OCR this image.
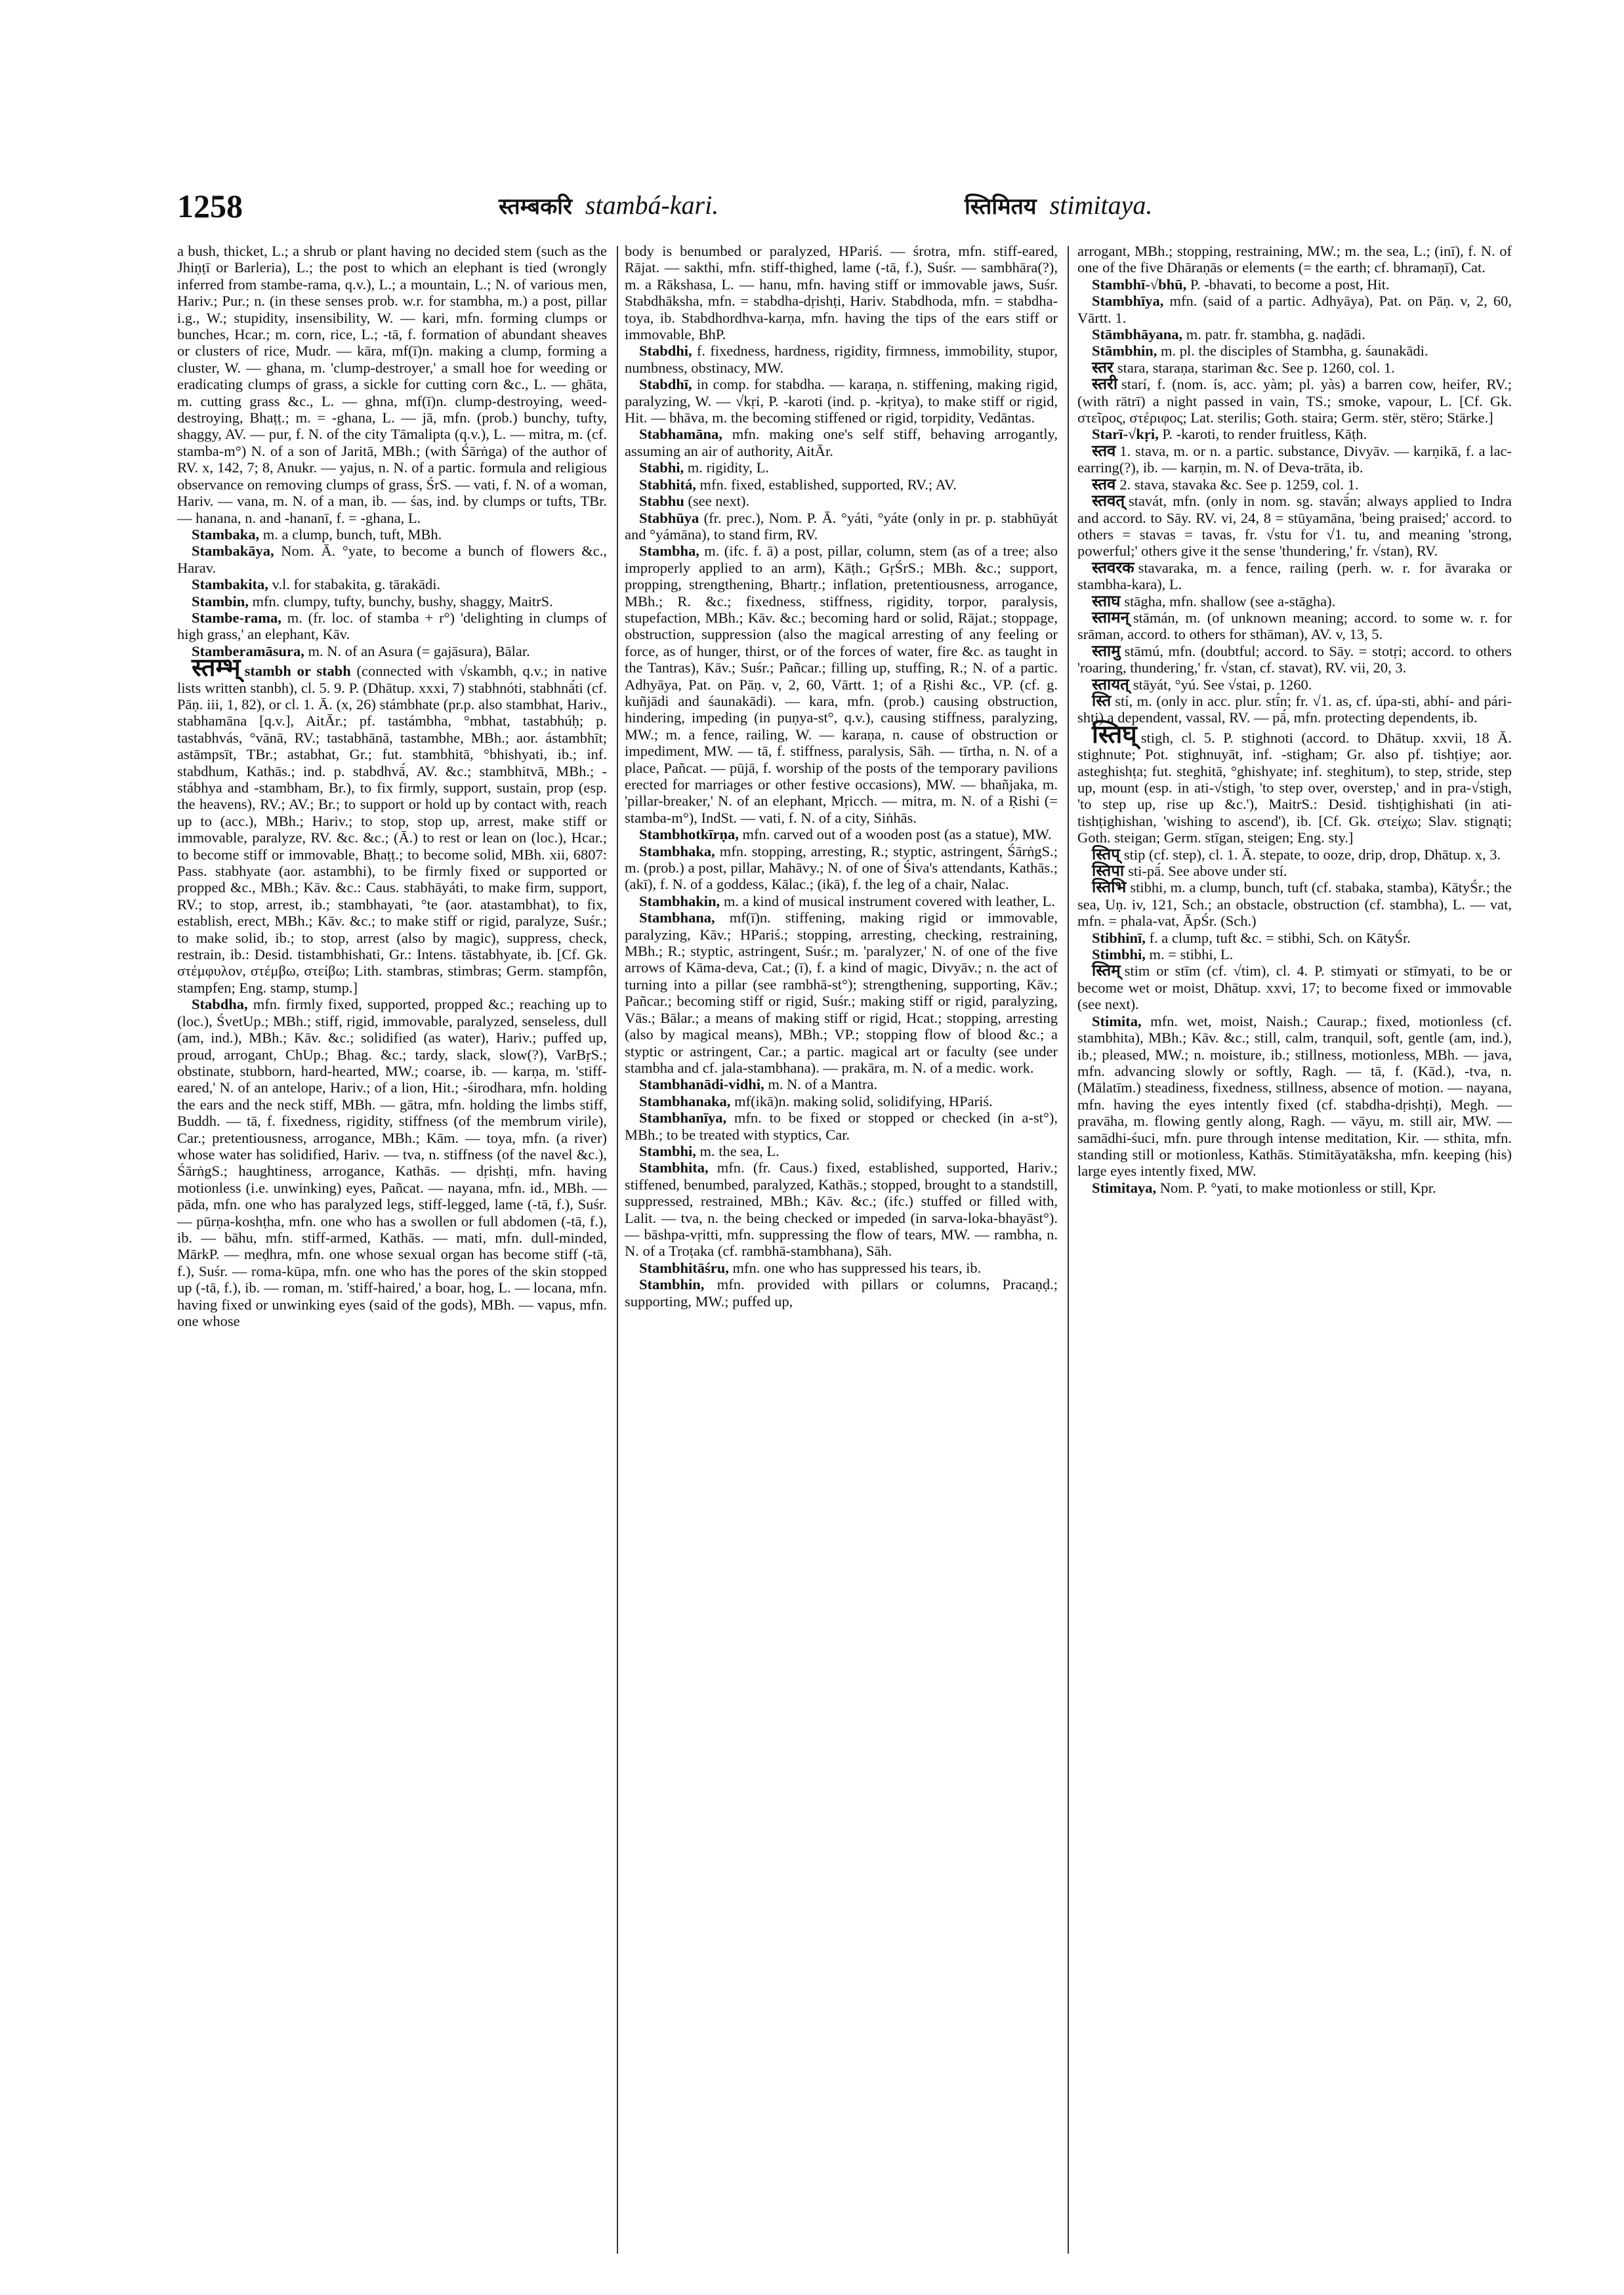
1258	स्तम्बकरि stambá-kari.	स्तिमितय stimitaya.

a bush, thicket, L.; a shrub or plant having no decided stem (such as the Jhiṇṭī or Barleria), L.; the post to which an elephant is tied (wrongly inferred from stambe-rama, q.v.), L.; a mountain, L.; N. of various men, Hariv.; Pur.; n. (in these senses prob. w.r. for stambha, m.) a post, pillar i.g., W.; stupidity, insensibility, W. — kari, mfn. forming clumps or bunches, Hcar.; m. corn, rice, L.; -tā, f. formation of abundant sheaves or clusters of rice, Mudr. — kāra, mf(ī)n. making a clump, forming a cluster, W. — ghana, m. 'clump-destroyer,' a small hoe for weeding or eradicating clumps of grass, a sickle for cutting corn &c., L. — ghāta, m. cutting grass &c., L. — ghna, mf(ī)n. clump-destroying, weed-destroying, Bhaṭṭ.; m. = -ghana, L. — jā, mfn. (prob.) bunchy, tufty, shaggy, AV. — pur, f. N. of the city Tāmalipta (q.v.), L. — mitra, m. (cf. stamba-m°) N. of a son of Jaritā, MBh.; (with Śārṅga) of the author of RV. x, 142, 7; 8, Anukr. — yajus, n. N. of a partic. formula and religious observance on removing clumps of grass, ŚrS. — vati, f. N. of a woman, Hariv. — vana, m. N. of a man, ib. — śas, ind. by clumps or tufts, TBr. — hanana, n. and -hananī, f. = -ghana, L.

Stambaka, m. a clump, bunch, tuft, MBh.

Stambakāya, Nom. Ā. °yate, to become a bunch of flowers &c., Harav.

Stambakita, v.l. for stabakita, g. tārakādi.

Stambin, mfn. clumpy, tufty, bunchy, bushy, shaggy, MaitrS.

Stambe-rama, m. (fr. loc. of stamba + r°) 'delighting in clumps of high grass,' an elephant, Kāv.

Stamberamāsura, m. N. of an Asura (= gajāsura), Bālar.

स्तम्भ् stambh or stabh (connected with √skambh, q.v.; in native lists written stanbh), cl. 5. 9. P. (Dhātup. xxxi, 7) stabhnóti, stabhnā́ti (cf. Pāṇ. iii, 1, 82), or cl. 1. Ā. (x, 26) stámbhate (pr.p. also stambhat, Hariv., stabhamāna [q.v.], AitĀr.; pf. tastámbha, °mbhat, tastabhúḥ; p. tastabhvás, °vānā, RV.; tastabhānā, tastambhe, MBh.; aor. ástambhīt; astāmpsīt, TBr.; astabhat, Gr.; fut. stambhitā, °bhishyati, ib.; inf. stabdhum, Kathās.; ind. p. stabdhvā́, AV. &c.; stambhitvā, MBh.; -stábhya and -stambham, Br.), to fix firmly, support, sustain, prop (esp. the heavens), RV.; AV.; Br.; to support or hold up by contact with, reach up to (acc.), MBh.; Hariv.; to stop, stop up, arrest, make stiff or immovable, paralyze, RV. &c. &c.; (Ā.) to rest or lean on (loc.), Hcar.; to become stiff or immovable, Bhaṭṭ.; to become solid, MBh. xii, 6807: Pass. stabhyate (aor. astambhi), to be firmly fixed or supported or propped &c., MBh.; Kāv. &c.: Caus. stabhāyáti, to make firm, support, RV.; to stop, arrest, ib.; stambhayati, °te (aor. atastambhat), to fix, establish, erect, MBh.; Kāv. &c.; to make stiff or rigid, paralyze, Suśr.; to make solid, ib.; to stop, arrest (also by magic), suppress, check, restrain, ib.: Desid. tistambhishati, Gr.: Intens. tāstabhyate, ib. [Cf. Gk. στέμφυλον, στέμβω, στείβω; Lith. stambras, stimbras; Germ. stampfôn, stampfen; Eng. stamp, stump.]

Stabdha, mfn. firmly fixed, supported, propped &c.; reaching up to (loc.), ŚvetUp.; MBh.; stiff, rigid, immovable, paralyzed, senseless, dull (am, ind.), MBh.; Kāv. &c.; solidified (as water), Hariv.; puffed up, proud, arrogant, ChUp.; Bhag. &c.; tardy, slack, slow(?), VarBṛS.; obstinate, stubborn, hard-hearted, MW.; coarse, ib. — karṇa, m. 'stiff-eared,' N. of an antelope, Hariv.; of a lion, Hit.; -śirodhara, mfn. holding the ears and the neck stiff, MBh. — gātra, mfn. holding the limbs stiff, Buddh. — tā, f. fixedness, rigidity, stiffness (of the membrum virile), Car.; pretentiousness, arrogance, MBh.; Kām. — toya, mfn. (a river) whose water has solidified, Hariv. — tva, n. stiffness (of the navel &c.), ŚārṅgS.; haughtiness, arrogance, Kathās. — dṛishṭi, mfn. having motionless (i.e. unwinking) eyes, Pañcat. — nayana, mfn. id., MBh. — pāda, mfn. one who has paralyzed legs, stiff-legged, lame (-tā, f.), Suśr. — pūrṇa-koshṭha, mfn. one who has a swollen or full abdomen (-tā, f.), ib. — bāhu, mfn. stiff-armed, Kathās. — mati, mfn. dull-minded, MārkP. — meḍhra, mfn. one whose sexual organ has become stiff (-tā, f.), Suśr. — roma-kūpa, mfn. one who has the pores of the skin stopped up (-tā, f.), ib. — roman, m. 'stiff-haired,' a boar, hog, L. — locana, mfn. having fixed or unwinking eyes (said of the gods), MBh. — vapus, mfn. one whose

body is benumbed or paralyzed, HPariś. — śrotra, mfn. stiff-eared, Rājat. — sakthi, mfn. stiff-thighed, lame (-tā, f.), Suśr. — sambhāra(?), m. a Rākshasa, L. — hanu, mfn. having stiff or immovable jaws, Suśr. Stabdhāksha, mfn. = stabdha-dṛishṭi, Hariv. Stabdhoda, mfn. = stabdha-toya, ib. Stabdhordhva-karṇa, mfn. having the tips of the ears stiff or immovable, BhP.

Stabdhi, f. fixedness, hardness, rigidity, firmness, immobility, stupor, numbness, obstinacy, MW.

Stabdhī, in comp. for stabdha. — karaṇa, n. stiffening, making rigid, paralyzing, W. — √kṛi, P. -karoti (ind. p. -kṛitya), to make stiff or rigid, Hit. — bhāva, m. the becoming stiffened or rigid, torpidity, Vedāntas.

Stabhamāna, mfn. making one's self stiff, behaving arrogantly, assuming an air of authority, AitĀr.

Stabhi, m. rigidity, L.

Stabhitá, mfn. fixed, established, supported, RV.; AV.

Stabhu (see next).

Stabhūya (fr. prec.), Nom. P. Ā. °yáti, °yáte (only in pr. p. stabhūyát and °yámāna), to stand firm, RV.

Stambha, m. (ifc. f. ā) a post, pillar, column, stem (as of a tree; also improperly applied to an arm), Kāṭh.; GṛŚrS.; MBh. &c.; support, propping, strengthening, Bhartṛ.; inflation, pretentiousness, arrogance, MBh.; R. &c.; fixedness, stiffness, rigidity, torpor, paralysis, stupefaction, MBh.; Kāv. &c.; becoming hard or solid, Rājat.; stoppage, obstruction, suppression (also the magical arresting of any feeling or force, as of hunger, thirst, or of the forces of water, fire &c. as taught in the Tantras), Kāv.; Suśr.; Pañcar.; filling up, stuffing, R.; N. of a partic. Adhyāya, Pat. on Pāṇ. v, 2, 60, Vārtt. 1; of a Ṛishi &c., VP. (cf. g. kuñjādi and śaunakādi). — kara, mfn. (prob.) causing obstruction, hindering, impeding (in puṇya-st°, q.v.), causing stiffness, paralyzing, MW.; m. a fence, railing, W. — karaṇa, n. cause of obstruction or impediment, MW. — tā, f. stiffness, paralysis, Sāh. — tīrtha, n. N. of a place, Pañcat. — pūjā, f. worship of the posts of the temporary pavilions erected for marriages or other festive occasions), MW. — bhañjaka, m. 'pillar-breaker,' N. of an elephant, Mṛicch. — mitra, m. N. of a Ṛishi (= stamba-m°), IndSt. — vati, f. N. of a city, Siṅhās.

Stambhotkīrṇa, mfn. carved out of a wooden post (as a statue), MW.

Stambhaka, mfn. stopping, arresting, R.; styptic, astringent, ŚārṅgS.; m. (prob.) a post, pillar, Mahāvy.; N. of one of Śiva's attendants, Kathās.; (akī), f. N. of a goddess, Kālac.; (ikā), f. the leg of a chair, Nalac.

Stambhakin, m. a kind of musical instrument covered with leather, L.

Stambhana, mf(ī)n. stiffening, making rigid or immovable, paralyzing, Kāv.; HPariś.; stopping, arresting, checking, restraining, MBh.; R.; styptic, astringent, Suśr.; m. 'paralyzer,' N. of one of the five arrows of Kāma-deva, Cat.; (ī), f. a kind of magic, Divyāv.; n. the act of turning into a pillar (see rambhā-st°); strengthening, supporting, Kāv.; Pañcar.; becoming stiff or rigid, Suśr.; making stiff or rigid, paralyzing, Vās.; Bālar.; a means of making stiff or rigid, Hcat.; stopping, arresting (also by magical means), MBh.; VP.; stopping flow of blood &c.; a styptic or astringent, Car.; a partic. magical art or faculty (see under stambha and cf. jala-stambhana). — prakāra, m. N. of a medic. work.

Stambhanādi-vidhi, m. N. of a Mantra.

Stambhanaka, mf(ikā)n. making solid, solidifying, HPariś.

Stambhanīya, mfn. to be fixed or stopped or checked (in a-st°), MBh.; to be treated with styptics, Car.

Stambhi, m. the sea, L.

Stambhita, mfn. (fr. Caus.) fixed, established, supported, Hariv.; stiffened, benumbed, paralyzed, Kathās.; stopped, brought to a standstill, suppressed, restrained, MBh.; Kāv. &c.; (ifc.) stuffed or filled with, Lalit. — tva, n. the being checked or impeded (in sarva-loka-bhayāst°). — bāshpa-vṛitti, mfn. suppressing the flow of tears, MW. — rambha, n. N. of a Troṭaka (cf. rambhā-stambhana), Sāh.

Stambhitāśru, mfn. one who has suppressed his tears, ib.

Stambhin, mfn. provided with pillars or columns, Pracaṇḍ.; supporting, MW.; puffed up,

arrogant, MBh.; stopping, restraining, MW.; m. the sea, L.; (inī), f. N. of one of the five Dhāraṇās or elements (= the earth; cf. bhramaṇī), Cat.

Stambhī-√bhū, P. -bhavati, to become a post, Hit.

Stambhīya, mfn. (said of a partic. Adhyāya), Pat. on Pāṇ. v, 2, 60, Vārtt. 1.

Stāmbhāyana, m. patr. fr. stambha, g. naḍādi.

Stāmbhin, m. pl. the disciples of Stambha, g. śaunakādi.

स्तर stara, staraṇa, stariman &c. See p. 1260, col. 1.

स्तरी starí, f. (nom. ís, acc. yàm; pl. yàs) a barren cow, heifer, RV.; (with rātrī) a night passed in vain, TS.; smoke, vapour, L. [Cf. Gk. στεῖρος, στέριφος; Lat. sterilis; Goth. staira; Germ. stër, stëro; Stärke.]

Starī-√kṛi, P. -karoti, to render fruitless, Kāṭh.

स्तव 1. stava, m. or n. a partic. substance, Divyāv. — karṇikā, f. a lac-earring(?), ib. — karṇin, m. N. of Deva-trāta, ib.

स्तव 2. stava, stavaka &c. See p. 1259, col. 1.

स्तवत् stavát, mfn. (only in nom. sg. stavā́n; always applied to Indra and accord. to Sāy. RV. vi, 24, 8 = stūyamāna, 'being praised;' accord. to others = stavas = tavas, fr. √stu for √1. tu, and meaning 'strong, powerful;' others give it the sense 'thundering,' fr. √stan), RV.

स्तवरक stavaraka, m. a fence, railing (perh. w. r. for āvaraka or stambha-kara), L.

स्ताघ stāgha, mfn. shallow (see a-stāgha).

स्तामन् stāmán, m. (of unknown meaning; accord. to some w. r. for srāman, accord. to others for sthāman), AV. v, 13, 5.

स्तामु stāmú, mfn. (doubtful; accord. to Sāy. = stotṛi; accord. to others 'roaring, thundering,' fr. √stan, cf. stavat), RV. vii, 20, 3.

स्तायत् stāyát, °yú. See √stai, p. 1260.

स्ति stí, m. (only in acc. plur. stī́n; fr. √1. as, cf. úpa-sti, abhí- and pári-shṭi) a dependent, vassal, RV. — pā́, mfn. protecting dependents, ib.

स्तिघ् stigh, cl. 5. P. stighnoti (accord. to Dhātup. xxvii, 18 Ā. stighnute; Pot. stighnuyāt, inf. -stigham; Gr. also pf. tishṭiye; aor. asteghishṭa; fut. steghitā, °ghishyate; inf. steghitum), to step, stride, step up, mount (esp. in ati-√stigh, 'to step over, overstep,' and in pra-√stigh, 'to step up, rise up &c.'), MaitrS.: Desid. tishṭighishati (in ati-tishṭighishan, 'wishing to ascend'), ib. [Cf. Gk. στείχω; Slav. stignąti; Goth. steigan; Germ. stīgan, steigen; Eng. sty.]

स्तिप् stip (cf. step), cl. 1. Ā. stepate, to ooze, drip, drop, Dhātup. x, 3.

स्तिपा sti-pā́. See above under stí.

स्तिभि stibhi, m. a clump, bunch, tuft (cf. stabaka, stamba), KātyŚr.; the sea, Uṇ. iv, 121, Sch.; an obstacle, obstruction (cf. stambha), L. — vat, mfn. = phala-vat, ĀpŚr. (Sch.)

Stibhinī, f. a clump, tuft &c. = stibhi, Sch. on KātyŚr.

Stimbhi, m. = stibhi, L.

स्तिम् stim or stīm (cf. √tim), cl. 4. P. stimyati or stīmyati, to be or become wet or moist, Dhātup. xxvi, 17; to become fixed or immovable (see next).

Stimita, mfn. wet, moist, Naish.; Caurap.; fixed, motionless (cf. stambhita), MBh.; Kāv. &c.; still, calm, tranquil, soft, gentle (am, ind.), ib.; pleased, MW.; n. moisture, ib.; stillness, motionless, MBh. — java, mfn. advancing slowly or softly, Ragh. — tā, f. (Kād.), -tva, n. (Mālatīm.) steadiness, fixedness, stillness, absence of motion. — nayana, mfn. having the eyes intently fixed (cf. stabdha-dṛishṭi), Megh. — pravāha, m. flowing gently along, Ragh. — vāyu, m. still air, MW. — samādhi-śuci, mfn. pure through intense meditation, Kir. — sthita, mfn. standing still or motionless, Kathās. Stimitāyatāksha, mfn. keeping (his) large eyes intently fixed, MW.

Stimitaya, Nom. P. °yati, to make motionless or still, Kpr.
